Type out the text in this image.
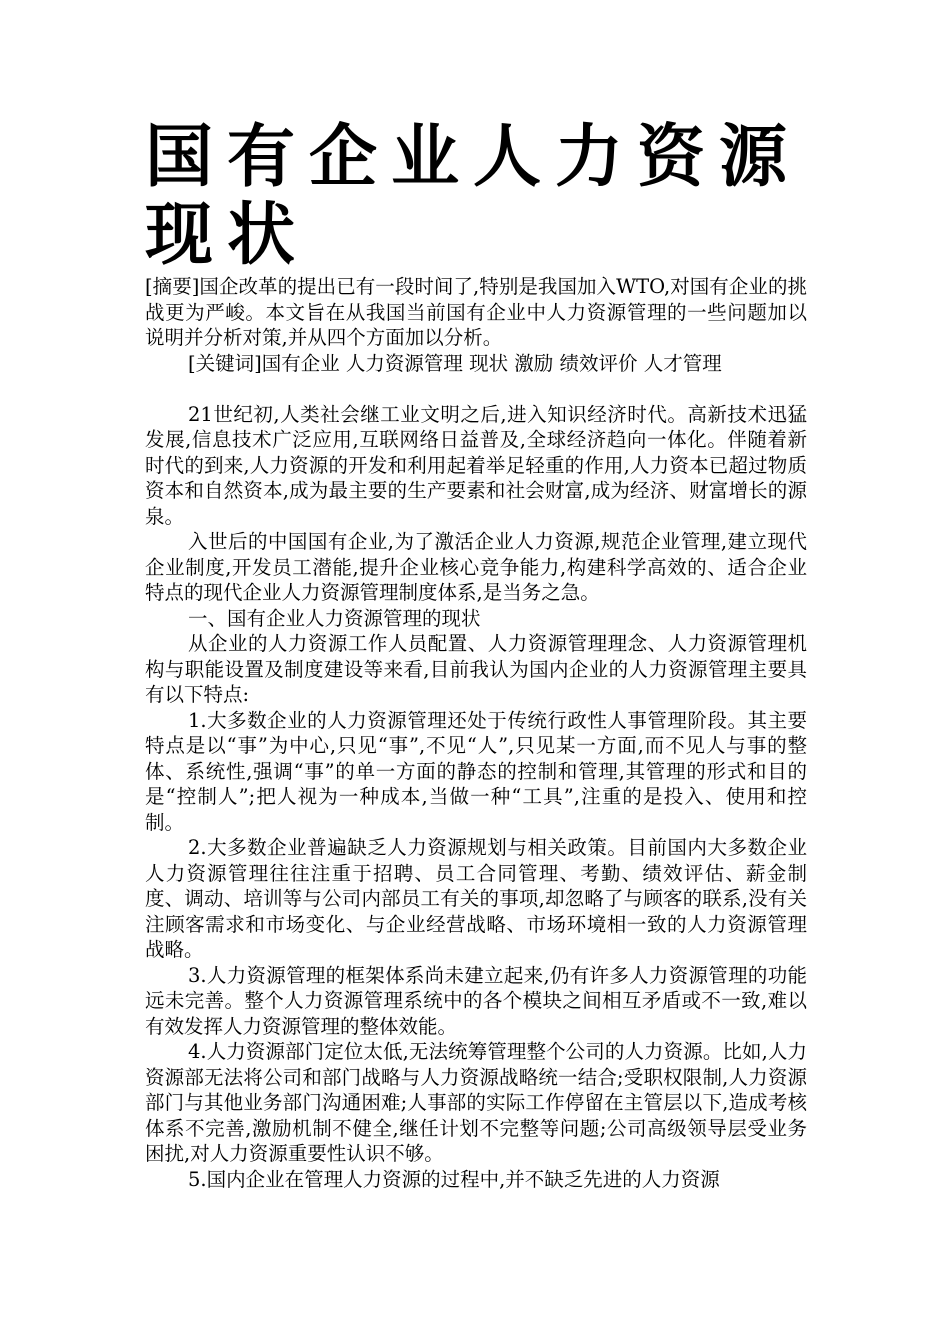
国有企业人力资源现状

[摘要]国企改革的提出已有一段时间了,特别是我国加入WTO,对国有企业的挑战更为严峻。本文旨在从我国当前国有企业中人力资源管理的一些问题加以说明并分析对策,并从四个方面加以分析。

[关键词]国有企业 人力资源管理 现状 激励 绩效评价 人才管理

21世纪初,人类社会继工业文明之后,进入知识经济时代。高新技术迅猛发展,信息技术广泛应用,互联网络日益普及,全球经济趋向一体化。伴随着新时代的到来,人力资源的开发和利用起着举足轻重的作用,人力资本已超过物质资本和自然资本,成为最主要的生产要素和社会财富,成为经济、财富增长的源泉。

入世后的中国国有企业,为了激活企业人力资源,规范企业管理,建立现代企业制度,开发员工潜能,提升企业核心竞争能力,构建科学高效的、适合企业特点的现代企业人力资源管理制度体系,是当务之急。

一、国有企业人力资源管理的现状

从企业的人力资源工作人员配置、人力资源管理理念、人力资源管理机构与职能设置及制度建设等来看,目前我认为国内企业的人力资源管理主要具有以下特点:

1.大多数企业的人力资源管理还处于传统行政性人事管理阶段。其主要特点是以“事”为中心,只见“事”,不见“人”,只见某一方面,而不见人与事的整体、系统性,强调“事”的单一方面的静态的控制和管理,其管理的形式和目的是“控制人”;把人视为一种成本,当做一种“工具”,注重的是投入、使用和控制。

2.大多数企业普遍缺乏人力资源规划与相关政策。目前国内大多数企业人力资源管理往往注重于招聘、员工合同管理、考勤、绩效评估、薪金制度、调动、培训等与公司内部员工有关的事项,却忽略了与顾客的联系,没有关注顾客需求和市场变化、与企业经营战略、市场环境相一致的人力资源管理战略。

3.人力资源管理的框架体系尚未建立起来,仍有许多人力资源管理的功能远未完善。整个人力资源管理系统中的各个模块之间相互矛盾或不一致,难以有效发挥人力资源管理的整体效能。

4.人力资源部门定位太低,无法统筹管理整个公司的人力资源。比如,人力资源部无法将公司和部门战略与人力资源战略统一结合;受职权限制,人力资源部门与其他业务部门沟通困难;人事部的实际工作停留在主管层以下,造成考核体系不完善,激励机制不健全,继任计划不完整等问题;公司高级领导层受业务困扰,对人力资源重要性认识不够。

5.国内企业在管理人力资源的过程中,并不缺乏先进的人力资源
